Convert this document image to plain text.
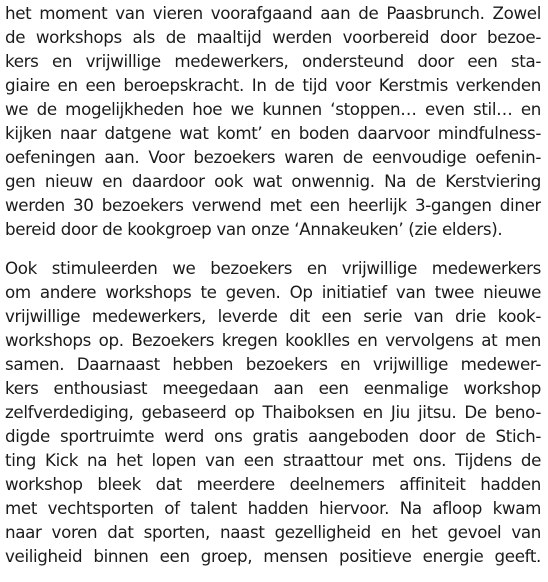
het moment van vieren voorafgaand aan de Paasbrunch. Zowel
de workshops als de maaltijd werden voorbereid door bezoe-
kers en vrijwillige medewerkers, ondersteund door een sta-
giaire en een beroepskracht. In de tijd voor Kerstmis verkenden
we de mogelijkheden hoe we kunnen ‘stoppen… even stil… en
kijken naar datgene wat komt’ en boden daarvoor mindfulness-
oefeningen aan. Voor bezoekers waren de eenvoudige oefenin-
gen nieuw en daardoor ook wat onwennig. Na de Kerstviering
werden 30 bezoekers verwend met een heerlijk 3-gangen diner
bereid door de kookgroep van onze ‘Annakeuken’ (zie elders).

Ook stimuleerden we bezoekers en vrijwillige medewerkers
om andere workshops te geven. Op initiatief van twee nieuwe
vrijwillige medewerkers, leverde dit een serie van drie kook-
workshops op. Bezoekers kregen kooklles en vervolgens at men
samen. Daarnaast hebben bezoekers en vrijwillige medewer-
kers enthousiast meegedaan aan een eenmalige workshop
zelfverdediging, gebaseerd op Thaiboksen en Jiu jitsu. De beno-
digde sportruimte werd ons gratis aangeboden door de Stich-
ting Kick na het lopen van een straattour met ons. Tijdens de
workshop bleek dat meerdere deelnemers affiniteit hadden
met vechtsporten of talent hadden hiervoor. Na afloop kwam
naar voren dat sporten, naast gezelligheid en het gevoel van
veiligheid binnen een groep, mensen positieve energie geeft.
